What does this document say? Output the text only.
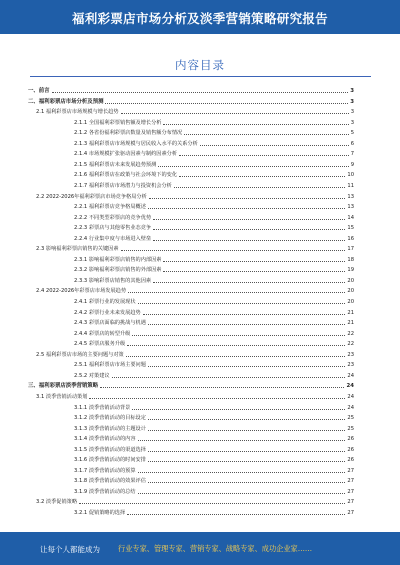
福利彩票店市场分析及淡季营销策略研究报告
内容目录
一、前言	3
二、福利彩票店市场分析及预测	3
2.1 福利彩票店市场规模与增长趋势	3
2.1.1 全国福利彩票销售额及增长分析	3
2.1.2 各省份福利彩票店数量及销售额分布情况	5
2.1.3 福利彩票店市场规模与居民收入水平的关系分析	6
2.1.4 市场规模扩张驱动因素与制约因素分析	7
2.1.5 福利彩票店未来发展趋势预测	9
2.1.6 福利彩票店在政策与社会环境下的变化	10
2.1.7 福利彩票店市场潜力与投资机会分析	11
2.2 2022-2026年福利彩票店市场竞争格局分析	13
2.2.1 福利彩票店竞争格局概述	13
2.2.2 不同类型彩票店的竞争优势	14
2.2.3 彩票店与其他零售业态竞争	15
2.2.4 行业集中度与市场进入壁垒	16
2.3 影响福利彩票店销售的关键因素	17
2.3.1 影响福利彩票店销售的内部因素	18
2.3.2 影响福利彩票店销售的外部因素	19
2.3.3 影响彩票店销售的其他因素	20
2.4 2022-2026年彩票店市场发展趋势	20
2.4.1 彩票行业的发展现状	20
2.4.2 彩票行业未来发展趋势	21
2.4.3 彩票店面临的挑战与机遇	21
2.4.4 彩票店的转型升级	22
2.4.5 彩票店服务升级	22
2.5 福利彩票店市场的主要问题与对策	23
2.5.1 福利彩票店市场主要问题	23
2.5.2 对策建议	24
三、福利彩票店淡季营销策略	24
3.1 淡季营销活动策划	24
3.1.1 淡季营销活动背景	24
3.1.2 淡季营销活动的目标设定	25
3.1.3 淡季营销活动的主题设计	25
3.1.4 淡季营销活动的内容	26
3.1.5 淡季营销活动的渠道选择	26
3.1.6 淡季营销活动的时间安排	26
3.1.7 淡季营销活动的预算	27
3.1.8 淡季营销活动的效果评估	27
3.1.9 淡季营销活动的总结	27
3.2 淡季促销策略	27
3.2.1 促销策略的选择	27
让每个人都能成为	行业专家、管理专家、营销专家、战略专家、成功企业家……
